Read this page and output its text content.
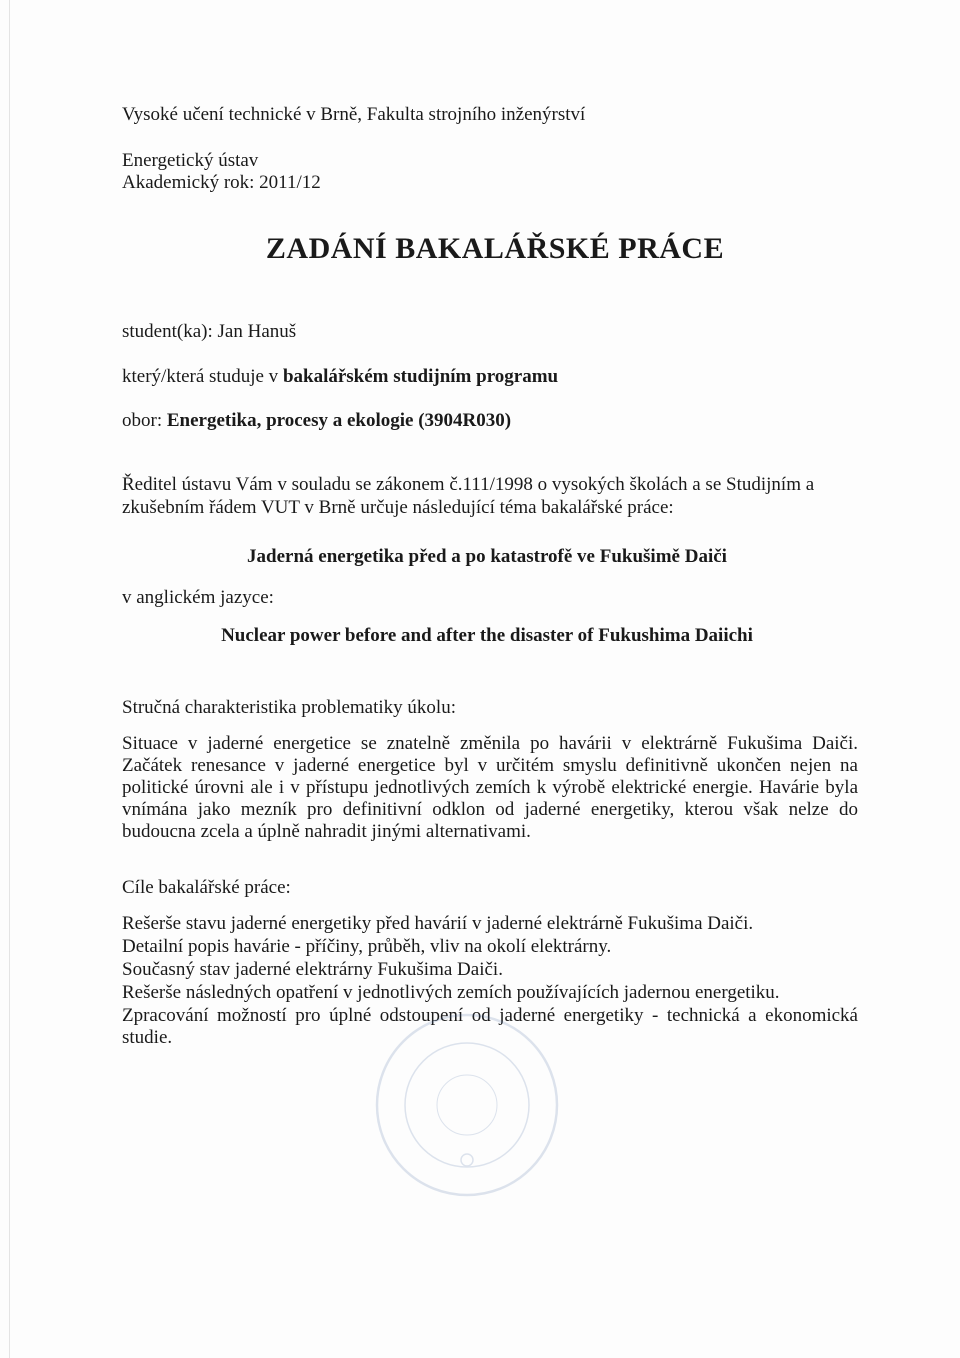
Vysoké učení technické v Brně, Fakulta strojního inženýrství
Energetický ústav
Akademický rok: 2011/12
ZADÁNÍ BAKALÁŘSKÉ PRÁCE
student(ka): Jan Hanuš
který/která studuje v bakalářském studijním programu
obor: Energetika, procesy a ekologie (3904R030)
Ředitel ústavu Vám v souladu se zákonem č.111/1998 o vysokých školách a se Studijním a
zkušebním řádem VUT v Brně určuje následující téma bakalářské práce:
Jaderná energetika před a po katastrofě ve Fukušimě Daiči
v anglickém jazyce:
Nuclear power before and after the disaster of Fukushima Daiichi
Stručná charakteristika problematiky úkolu:
Situace v jaderné energetice se znatelně změnila po havárii v elektrárně Fukušima Daiči. Začátek renesance v jaderné energetice byl v určitém smyslu definitivně ukončen nejen na politické úrovni ale i v přístupu jednotlivých zemích k výrobě elektrické energie. Havárie byla vnímána jako mezník pro definitivní odklon od jaderné energetiky, kterou však nelze do budoucna zcela a úplně nahradit jinými alternativami.
Cíle bakalářské práce:
Rešerše stavu jaderné energetiky před havárií v jaderné elektrárně Fukušima Daiči.
Detailní popis havárie - příčiny, průběh, vliv na okolí elektrárny.
Současný stav jaderné elektrárny Fukušima Daiči.
Rešerše následných opatření v jednotlivých zemích používajících jadernou energetiku.
Zpracování možností pro úplné odstoupení od jaderné energetiky - technická a ekonomická studie.
